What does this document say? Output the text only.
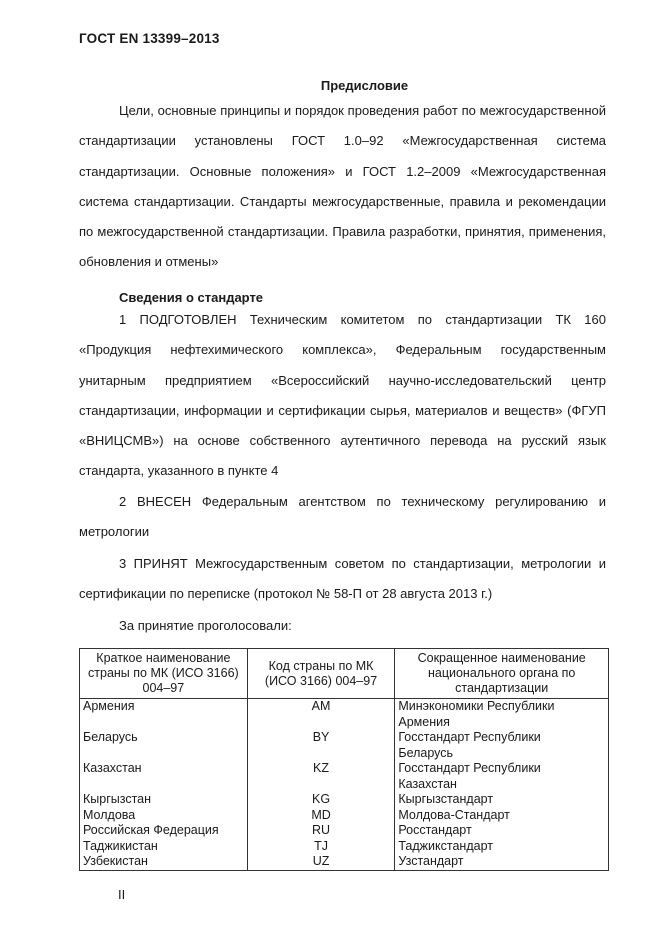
ГОСТ EN 13399–2013
Предисловие
Цели, основные принципы и порядок проведения работ по межгосударственной стандартизации установлены ГОСТ 1.0–92 «Межгосударственная система стандартизации. Основные положения» и ГОСТ 1.2–2009 «Межгосударственная система стандартизации. Стандарты межгосударственные, правила и рекомендации по межгосударственной стандартизации. Правила разработки, принятия, применения, обновления и отмены»
Сведения о стандарте
1 ПОДГОТОВЛЕН Техническим комитетом по стандартизации ТК 160 «Продукция нефтехимического комплекса», Федеральным государственным унитарным предприятием «Всероссийский научно-исследовательский центр стандартизации, информации и сертификации сырья, материалов и веществ» (ФГУП «ВНИЦСМВ») на основе собственного аутентичного перевода на русский язык стандарта, указанного в пункте 4
2 ВНЕСЕН Федеральным агентством по техническому регулированию и метрологии
3 ПРИНЯТ Межгосударственным советом по стандартизации, метрологии и сертификации по переписке (протокол № 58-П от 28 августа 2013 г.)
За принятие проголосовали:
Краткое наименование страны по МК (ИСО 3166) 004–97	Код страны по МК (ИСО 3166) 004–97	Сокращенное наименование национального органа по стандартизации
Армения	AM	Минэкономики Республики Армения
Беларусь	BY	Госстандарт Республики Беларусь
Казахстан	KZ	Госстандарт Республики Казахстан
Кыргызстан	KG	Кыргызстандарт
Молдова	MD	Молдова-Стандарт
Российская Федерация	RU	Росстандарт
Таджикистан	TJ	Таджикстандарт
Узбекистан	UZ	Узстандарт
II
